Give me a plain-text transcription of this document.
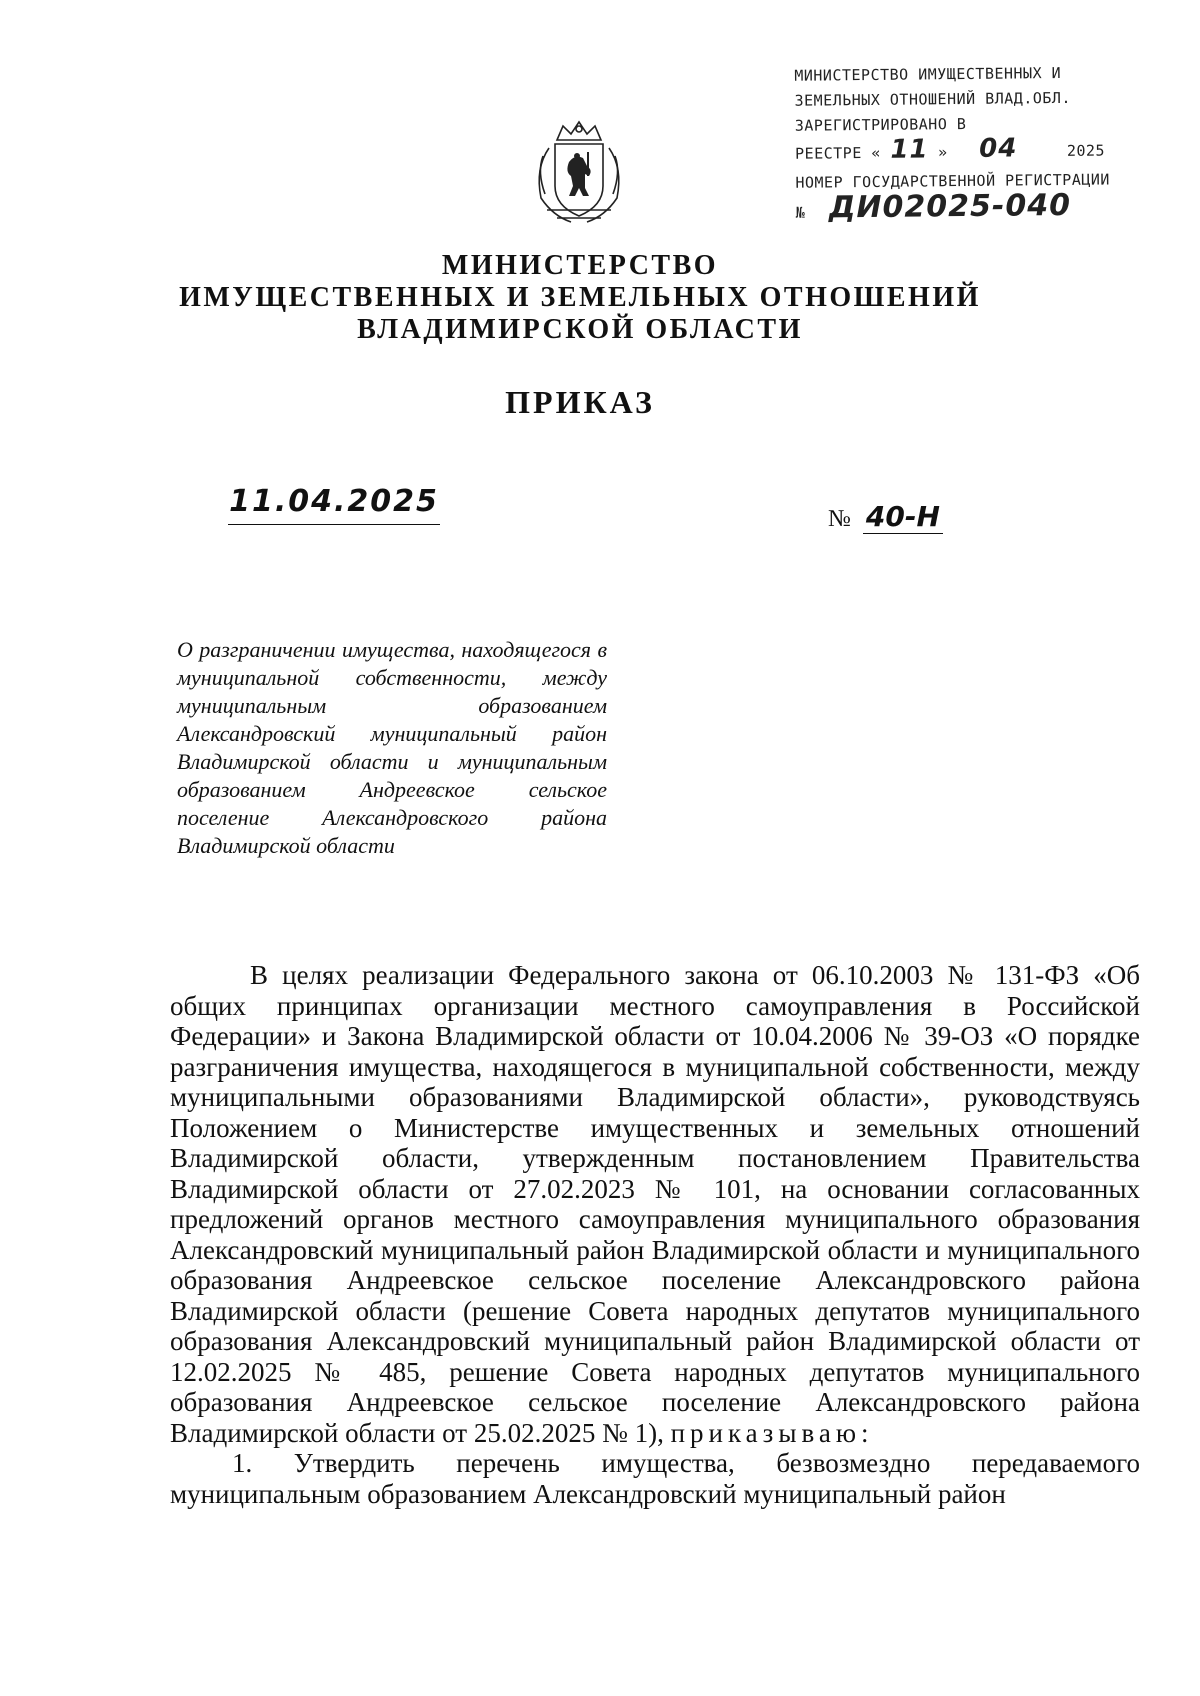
МИНИСТЕРСТВО ИМУЩЕСТВЕННЫХ И
ЗЕМЕЛЬНЫХ ОТНОШЕНИЙ ВЛАД.ОБЛ.
ЗАРЕГИСТРИРОВАНО В
РЕЕСТРЕ « 11 » 04	2025
НОМЕР ГОСУДАРСТВЕННОЙ РЕГИСТРАЦИИ
№ ДИ02025-040
МИНИСТЕРСТВО
ИМУЩЕСТВЕННЫХ И ЗЕМЕЛЬНЫХ ОТНОШЕНИЙ
ВЛАДИМИРСКОЙ ОБЛАСТИ
ПРИКАЗ
11.04.2025	№ 40-Н
О разграничении имущества, находящегося в муниципальной собственности, между муниципальным образованием Александровский муниципальный район Владимирской области и муниципальным образованием Андреевское сельское поселение Александровского района Владимирской области

В целях реализации Федерального закона от 06.10.2003 № 131-ФЗ «Об общих принципах организации местного самоуправления в Российской Федерации» и Закона Владимирской области от 10.04.2006 № 39-ОЗ «О порядке разграничения имущества, находящегося в муниципальной собственности, между муниципальными образованиями Владимирской области», руководствуясь Положением о Министерстве имущественных и земельных отношений Владимирской области, утвержденным постановлением Правительства Владимирской области от 27.02.2023 № 101, на основании согласованных предложений органов местного самоуправления муниципального образования Александровский муниципальный район Владимирской области и муниципального образования Андреевское сельское поселение Александровского района Владимирской области (решение Совета народных депутатов муниципального образования Александровский муниципальный район Владимирской области от 12.02.2025 № 485, решение Совета народных депутатов муниципального образования Андреевское сельское поселение Александровского района Владимирской области от 25.02.2025 № 1), приказываю:

1. Утвердить перечень имущества, безвозмездно передаваемого муниципальным образованием Александровский муниципальный район
